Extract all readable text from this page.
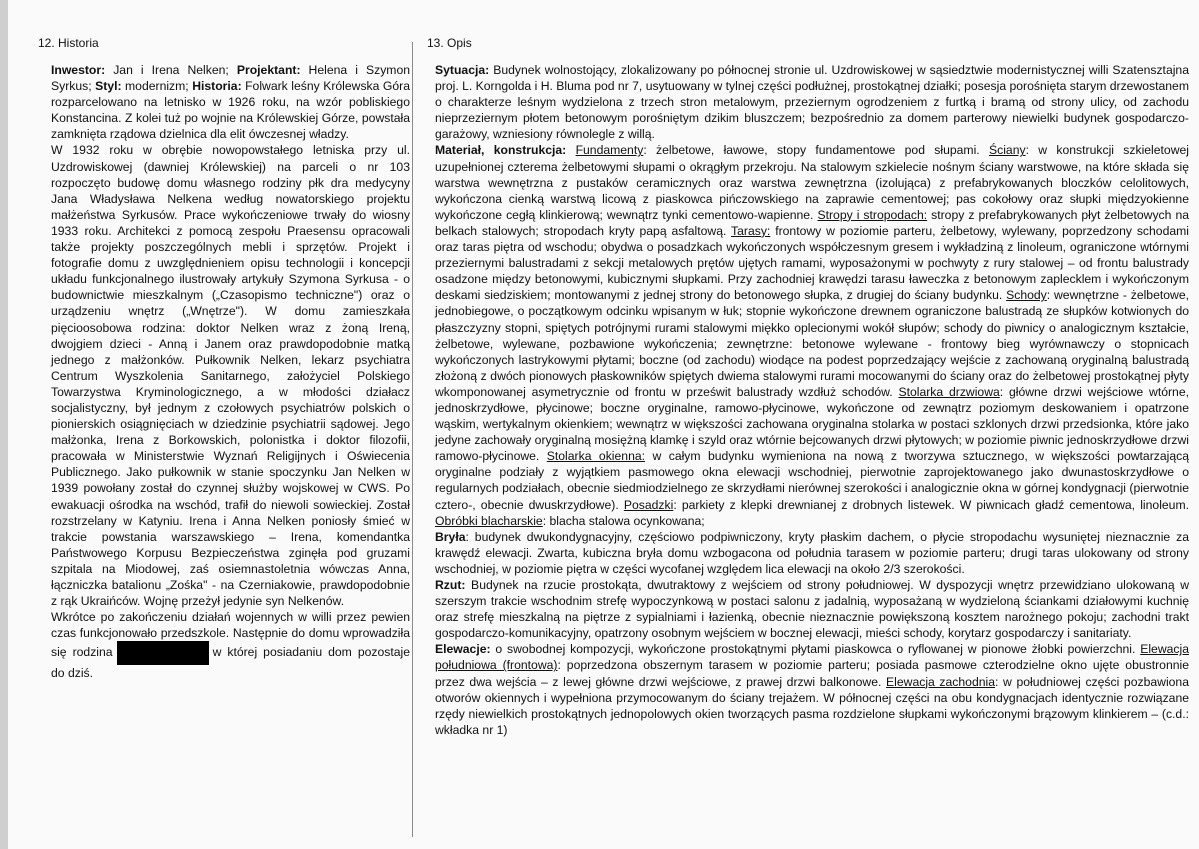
12. Historia

Inwestor: Jan i Irena Nelken; Projektant: Helena i Szymon Syrkus; Styl: modernizm; Historia: Folwark leśny Królewska Góra rozparcelowano na letnisko w 1926 roku, na wzór pobliskiego Konstancina. Z kolei tuż po wojnie na Królewskiej Górze, powstała zamknięta rządowa dzielnica dla elit ówczesnej władzy.

W 1932 roku w obrębie nowopowstałego letniska przy ul. Uzdrowiskowej (dawniej Królewskiej) na parceli o nr 103 rozpoczęto budowę domu własnego rodziny płk dra medycyny Jana Władysława Nelkena według nowatorskiego projektu małżeństwa Syrkusów. Prace wykończeniowe trwały do wiosny 1933 roku. Architekci z pomocą zespołu Praesensu opracowali także projekty poszczególnych mebli i sprzętów. Projekt i fotografie domu z uwzględnieniem opisu technologii i koncepcji układu funkcjonalnego ilustrowały artykuły Szymona Syrkusa - o budownictwie mieszkalnym („Czasopismo techniczne") oraz o urządzeniu wnętrz („Wnętrze"). W domu zamieszkała pięcioosobowa rodzina: doktor Nelken wraz z żoną Ireną, dwojgiem dzieci - Anną i Janem oraz prawdopodobnie matką jednego z małżonków. Pułkownik Nelken, lekarz psychiatra Centrum Wyszkolenia Sanitarnego, założyciel Polskiego Towarzystwa Kryminologicznego, a w młodości działacz socjalistyczny, był jednym z czołowych psychiatrów polskich o pionierskich osiągnięciach w dziedzinie psychiatrii sądowej. Jego małżonka, Irena z Borkowskich, polonistka i doktor filozofii, pracowała w Ministerstwie Wyznań Religijnych i Oświecenia Publicznego. Jako pułkownik w stanie spoczynku Jan Nelken w 1939 powołany został do czynnej służby wojskowej w CWS. Po ewakuacji ośrodka na wschód, trafił do niewoli sowieckiej. Został rozstrzelany w Katyniu. Irena i Anna Nelken poniosły śmieć w trakcie powstania warszawskiego – Irena, komendantka Państwowego Korpusu Bezpieczeństwa zginęła pod gruzami szpitala na Miodowej, zaś osiemnastoletnia wówczas Anna, łączniczka batalionu „Zośka" - na Czerniakowie, prawdopodobnie z rąk Ukraińców. Wojnę przeżył jedynie syn Nelkenów.

Wkrótce po zakończeniu działań wojennych w willi przez pewien czas funkcjonowało przedszkole. Następnie do domu wprowadziła się rodzina	w której posiadaniu dom pozostaje do dziś.

13. Opis

Sytuacja: Budynek wolnostojący, zlokalizowany po północnej stronie ul. Uzdrowiskowej w sąsiedztwie modernistycznej willi Szatensztajna proj. L. Korngolda i H. Bluma pod nr 7, usytuowany w tylnej części podłużnej, prostokątnej działki; posesja porośnięta starym drzewostanem o charakterze leśnym wydzielona z trzech stron metalowym, przeziernym ogrodzeniem z furtką i bramą od strony ulicy, od zachodu nieprzeziernym płotem betonowym porośniętym dzikim bluszczem; bezpośrednio za domem parterowy niewielki budynek gospodarczo-garażowy, wzniesiony równolegle z willą.

Materiał, konstrukcja: Fundamenty: żelbetowe, ławowe, stopy fundamentowe pod słupami. Ściany: w konstrukcji szkieletowej uzupełnionej czterema żelbetowymi słupami o okrągłym przekroju. Na stalowym szkielecie nośnym ściany warstwowe, na które składa się warstwa wewnętrzna z pustaków ceramicznych oraz warstwa zewnętrzna (izolująca) z prefabrykowanych bloczków celolitowych, wykończona cienką warstwą licową z piaskowca pińczowskiego na zaprawie cementowej; pas cokołowy oraz słupki międzyokienne wykończone cegłą klinkierową; wewnątrz tynki cementowo-wapienne. Stropy i stropodach: stropy z prefabrykowanych płyt żelbetowych na belkach stalowych; stropodach kryty papą asfaltową. Tarasy: frontowy w poziomie parteru, żelbetowy, wylewany, poprzedzony schodami oraz taras piętra od wschodu; obydwa o posadzkach wykończonych współczesnym gresem i wykładziną z linoleum, ograniczone wtórnymi przeziernymi balustradami z sekcji metalowych prętów ujętych ramami, wyposażonymi w pochwyty z rury stalowej – od frontu balustrady osadzone między betonowymi, kubicznymi słupkami. Przy zachodniej krawędzi tarasu ławeczka z betonowym zaplecklem i wykończonym deskami siedziskiem; montowanymi z jednej strony do betonowego słupka, z drugiej do ściany budynku. Schody: wewnętrzne - żelbetowe, jednobiegowe, o początkowym odcinku wpisanym w łuk; stopnie wykończone drewnem ograniczone balustradą ze słupków kotwionych do płaszczyzny stopni, spiętych potrójnymi rurami stalowymi miękko oplecionymi wokół słupów; schody do piwnicy o analogicznym kształcie, żelbetowe, wylewane, pozbawione wykończenia; zewnętrzne: betonowe wylewane - frontowy bieg wyrównawczy o stopnicach wykończonych lastrykowymi płytami; boczne (od zachodu) wiodące na podest poprzedzający wejście z zachowaną oryginalną balustradą złożoną z dwóch pionowych płaskowników spiętych dwiema stalowymi rurami mocowanymi do ściany oraz do żelbetowej prostokątnej płyty wkomponowanej asymetrycznie od frontu w prześwit balustrady wzdłuż schodów. Stolarka drzwiowa: główne drzwi wejściowe wtórne, jednoskrzydłowe, płycinowe; boczne oryginalne, ramowo-płycinowe, wykończone od zewnątrz poziomym deskowaniem i opatrzone wąskim, wertykalnym okienkiem; wewnątrz w większości zachowana oryginalna stolarka w postaci szklonych drzwi przedsionka, które jako jedyne zachowały oryginalną mosiężną klamkę i szyld oraz wtórnie bejcowanych drzwi płytowych; w poziomie piwnic jednoskrzydłowe drzwi ramowo-płycinowe. Stolarka okienna: w całym budynku wymieniona na nową z tworzywa sztucznego, w większości powtarzającą oryginalne podziały z wyjątkiem pasmowego okna elewacji wschodniej, pierwotnie zaprojektowanego jako dwunastoskrzydłowe o regularnych podziałach, obecnie siedmiodzielnego ze skrzydłami nierównej szerokości i analogicznie okna w górnej kondygnacji (pierwotnie cztero-, obecnie dwuskrzydłowe). Posadzki: parkiety z klepki drewnianej z drobnych listewek. W piwnicach gładź cementowa, linoleum. Obróbki blacharskie: blacha stalowa ocynkowana;

Bryła: budynek dwukondygnacyjny, częściowo podpiwniczony, kryty płaskim dachem, o płycie stropodachu wysuniętej nieznacznie za krawędź elewacji. Zwarta, kubiczna bryła domu wzbogacona od południa tarasem w poziomie parteru; drugi taras ulokowany od strony wschodniej, w poziomie piętra w części wycofanej względem lica elewacji na około 2/3 szerokości.

Rzut: Budynek na rzucie prostokąta, dwutraktowy z wejściem od strony południowej. W dyspozycji wnętrz przewidziano ulokowaną w szerszym trakcie wschodnim strefę wypoczynkową w postaci salonu z jadalnią, wyposażaną w wydzieloną ściankami działowymi kuchnię oraz strefę mieszkalną na piętrze z sypialniami i łazienką, obecnie nieznacznie powiększoną kosztem narożnego pokoju; zachodni trakt gospodarczo-komunikacyjny, opatrzony osobnym wejściem w bocznej elewacji, mieści schody, korytarz gospodarczy i sanitariaty.

Elewacje: o swobodnej kompozycji, wykończone prostokątnymi płytami piaskowca o ryflowanej w pionowe żłobki powierzchni. Elewacja południowa (frontowa): poprzedzona obszernym tarasem w poziomie parteru; posiada pasmowe czterodzielne okno ujęte obustronnie przez dwa wejścia – z lewej główne drzwi wejściowe, z prawej drzwi balkonowe. Elewacja zachodnia: w południowej części pozbawiona otworów okiennych i wypełniona przymocowanym do ściany trejażem. W północnej części na obu kondygnacjach identycznie rozwiązane rzędy niewielkich prostokątnych jednopolowych okien tworzących pasma rozdzielone słupkami wykończonymi brązowym klinkierem – (c.d.: wkładka nr 1)
